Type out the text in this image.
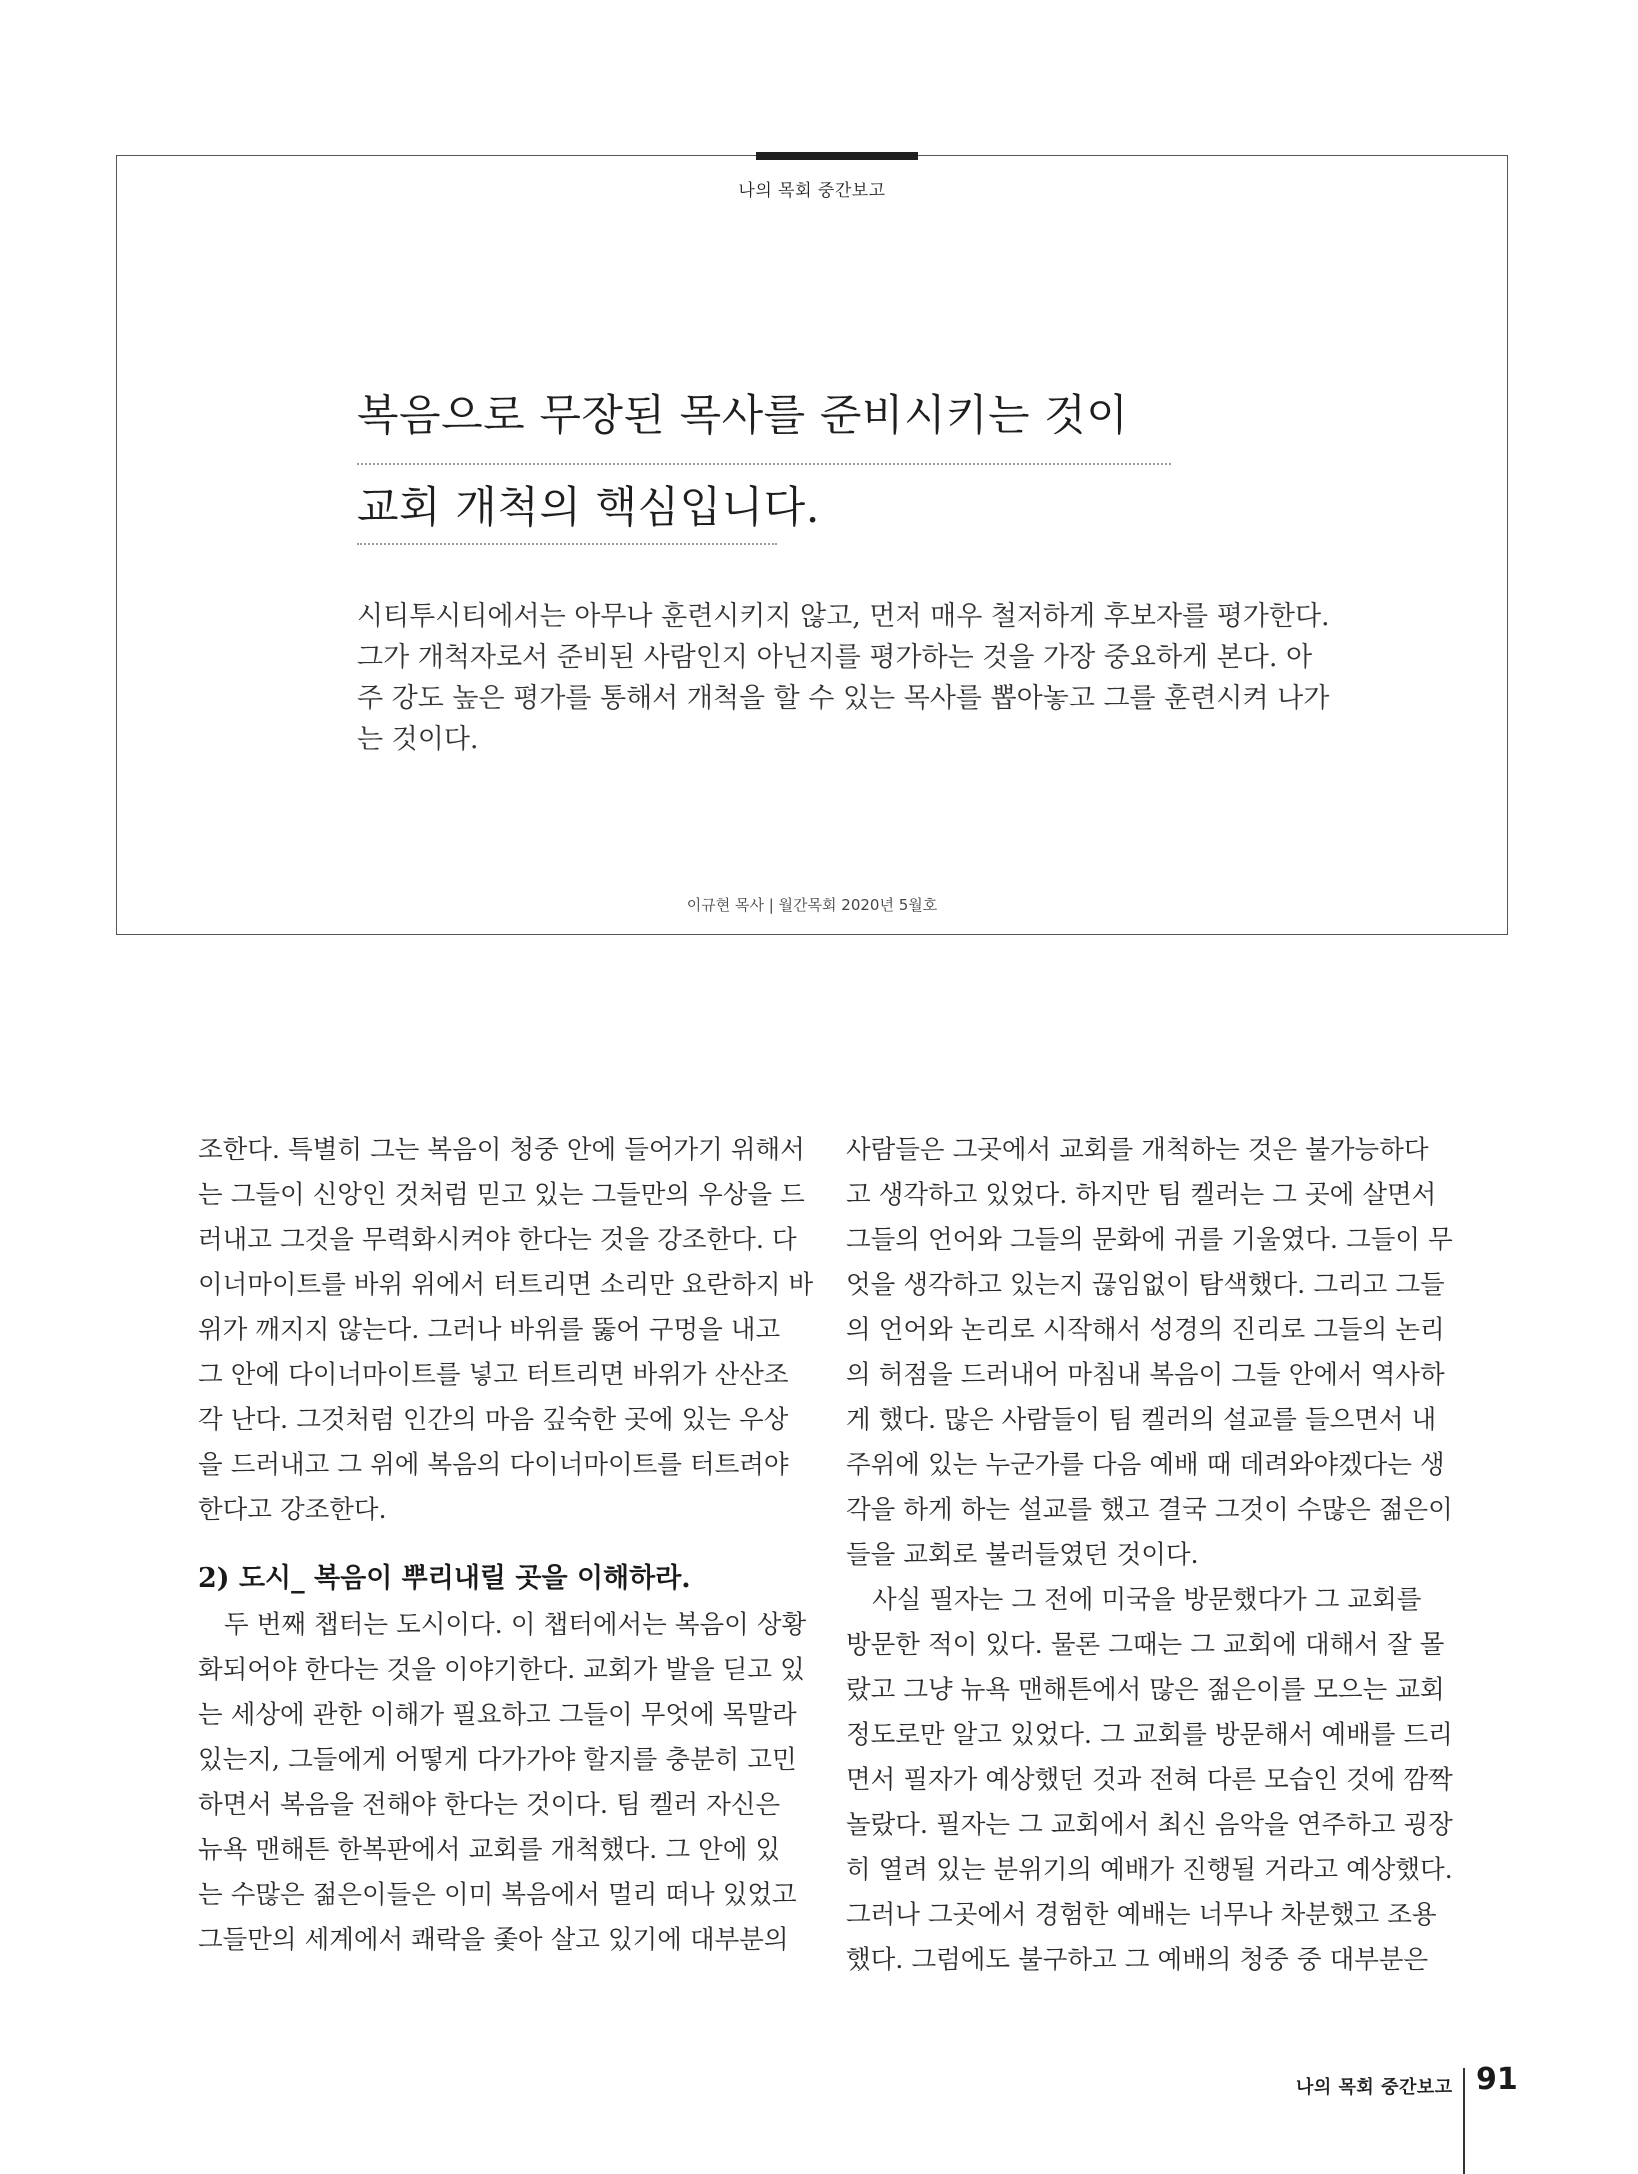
나의 목회 중간보고
복음으로 무장된 목사를 준비시키는 것이
교회 개척의 핵심입니다.

시티투시티에서는 아무나 훈련시키지 않고, 먼저 매우 철저하게 후보자를 평가한다.

그가 개척자로서 준비된 사람인지 아닌지를 평가하는 것을 가장 중요하게 본다. 아

주 강도 높은 평가를 통해서 개척을 할 수 있는 목사를 뽑아놓고 그를 훈련시켜 나가

는 것이다.

이규현 목사 | 월간목회 2020년 5월호

조한다. 특별히 그는 복음이 청중 안에 들어가기 위해서

는 그들이 신앙인 것처럼 믿고 있는 그들만의 우상을 드

러내고 그것을 무력화시켜야 한다는 것을 강조한다. 다

이너마이트를 바위 위에서 터트리면 소리만 요란하지 바

위가 깨지지 않는다. 그러나 바위를 뚫어 구멍을 내고

그 안에 다이너마이트를 넣고 터트리면 바위가 산산조

각 난다. 그것처럼 인간의 마음 깊숙한 곳에 있는 우상

을 드러내고 그 위에 복음의 다이너마이트를 터트려야

한다고 강조한다.

2) 도시_ 복음이 뿌리내릴 곳을 이해하라.

두 번째 챕터는 도시이다. 이 챕터에서는 복음이 상황

화되어야 한다는 것을 이야기한다. 교회가 발을 딛고 있

는 세상에 관한 이해가 필요하고 그들이 무엇에 목말라

있는지, 그들에게 어떻게 다가가야 할지를 충분히 고민

하면서 복음을 전해야 한다는 것이다. 팀 켈러 자신은

뉴욕 맨해튼 한복판에서 교회를 개척했다. 그 안에 있

는 수많은 젊은이들은 이미 복음에서 멀리 떠나 있었고

그들만의 세계에서 쾌락을 좇아 살고 있기에 대부분의

사람들은 그곳에서 교회를 개척하는 것은 불가능하다

고 생각하고 있었다. 하지만 팀 켈러는 그 곳에 살면서

그들의 언어와 그들의 문화에 귀를 기울였다. 그들이 무

엇을 생각하고 있는지 끊임없이 탐색했다. 그리고 그들

의 언어와 논리로 시작해서 성경의 진리로 그들의 논리

의 허점을 드러내어 마침내 복음이 그들 안에서 역사하

게 했다. 많은 사람들이 팀 켈러의 설교를 들으면서 내

주위에 있는 누군가를 다음 예배 때 데려와야겠다는 생

각을 하게 하는 설교를 했고 결국 그것이 수많은 젊은이

들을 교회로 불러들였던 것이다.

사실 필자는 그 전에 미국을 방문했다가 그 교회를

방문한 적이 있다. 물론 그때는 그 교회에 대해서 잘 몰

랐고 그냥 뉴욕 맨해튼에서 많은 젊은이를 모으는 교회

정도로만 알고 있었다. 그 교회를 방문해서 예배를 드리

면서 필자가 예상했던 것과 전혀 다른 모습인 것에 깜짝

놀랐다. 필자는 그 교회에서 최신 음악을 연주하고 굉장

히 열려 있는 분위기의 예배가 진행될 거라고 예상했다.

그러나 그곳에서 경험한 예배는 너무나 차분했고 조용

했다. 그럼에도 불구하고 그 예배의 청중 중 대부분은

나의 목회 중간보고 91
